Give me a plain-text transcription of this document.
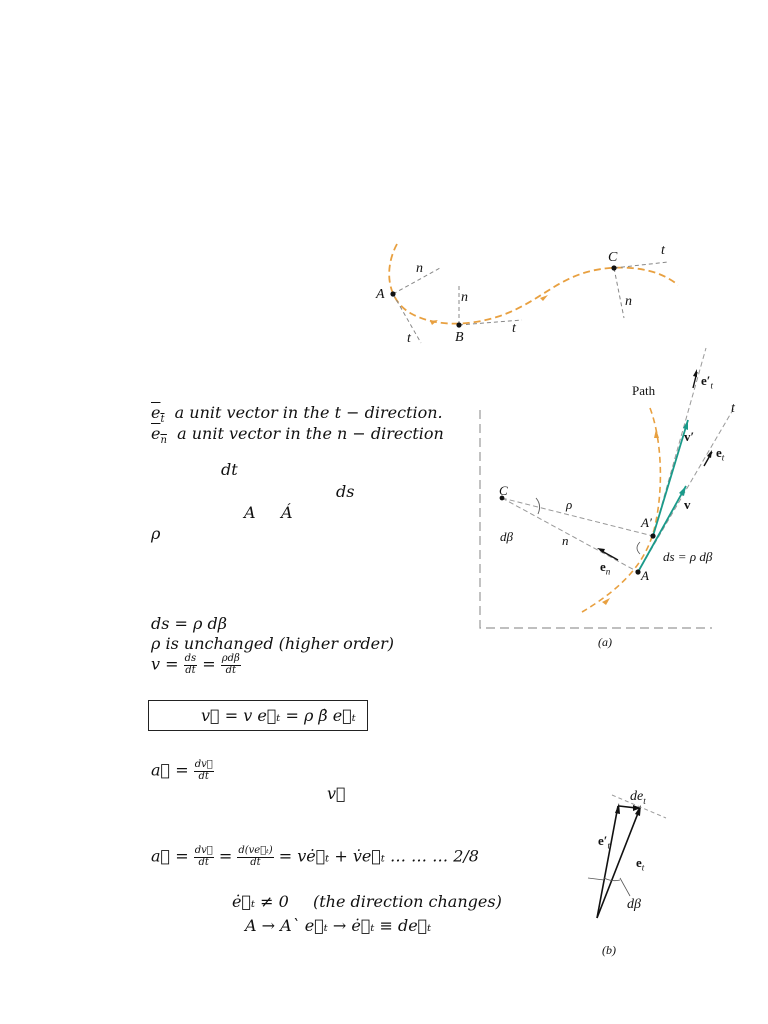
n
A
t
n
B
t
C	t
n
Path
$e'_t$
t
v′
$e_t$
v
C
ρ
A′
dβ	n
ds = ρ dβ
$e_n$ A
(a)
$de_t$
$e'_t$
$e_t$
dβ
(b)
$e_t$ a unit vector in the t − direction.
$e_n$ a unit vector in the n − direction
dt
ds
A Á
ρ
ds = ρ dβ
ρ is unchanged (higher order)
$v = \frac{ds}{dt} = \frac{\text{ρdβ}}{dt}$
v⃗ = v e⃗ₜ = ρ β̇ e⃗ₜ
a⃗ = $\frac{dv⃗}{dt}$
v⃗
a⃗ = $\frac{dv⃗}{dt} = \frac{\text{d(ve⃗ₜ)}}{dt}$ = vė⃗ₜ + v̇e⃗ₜ … … … 2/8
ė⃗ₜ ≠ 0 (the direction changes)
A → A` e⃗ₜ → ė⃗ₜ ≡ de⃗ₜ
